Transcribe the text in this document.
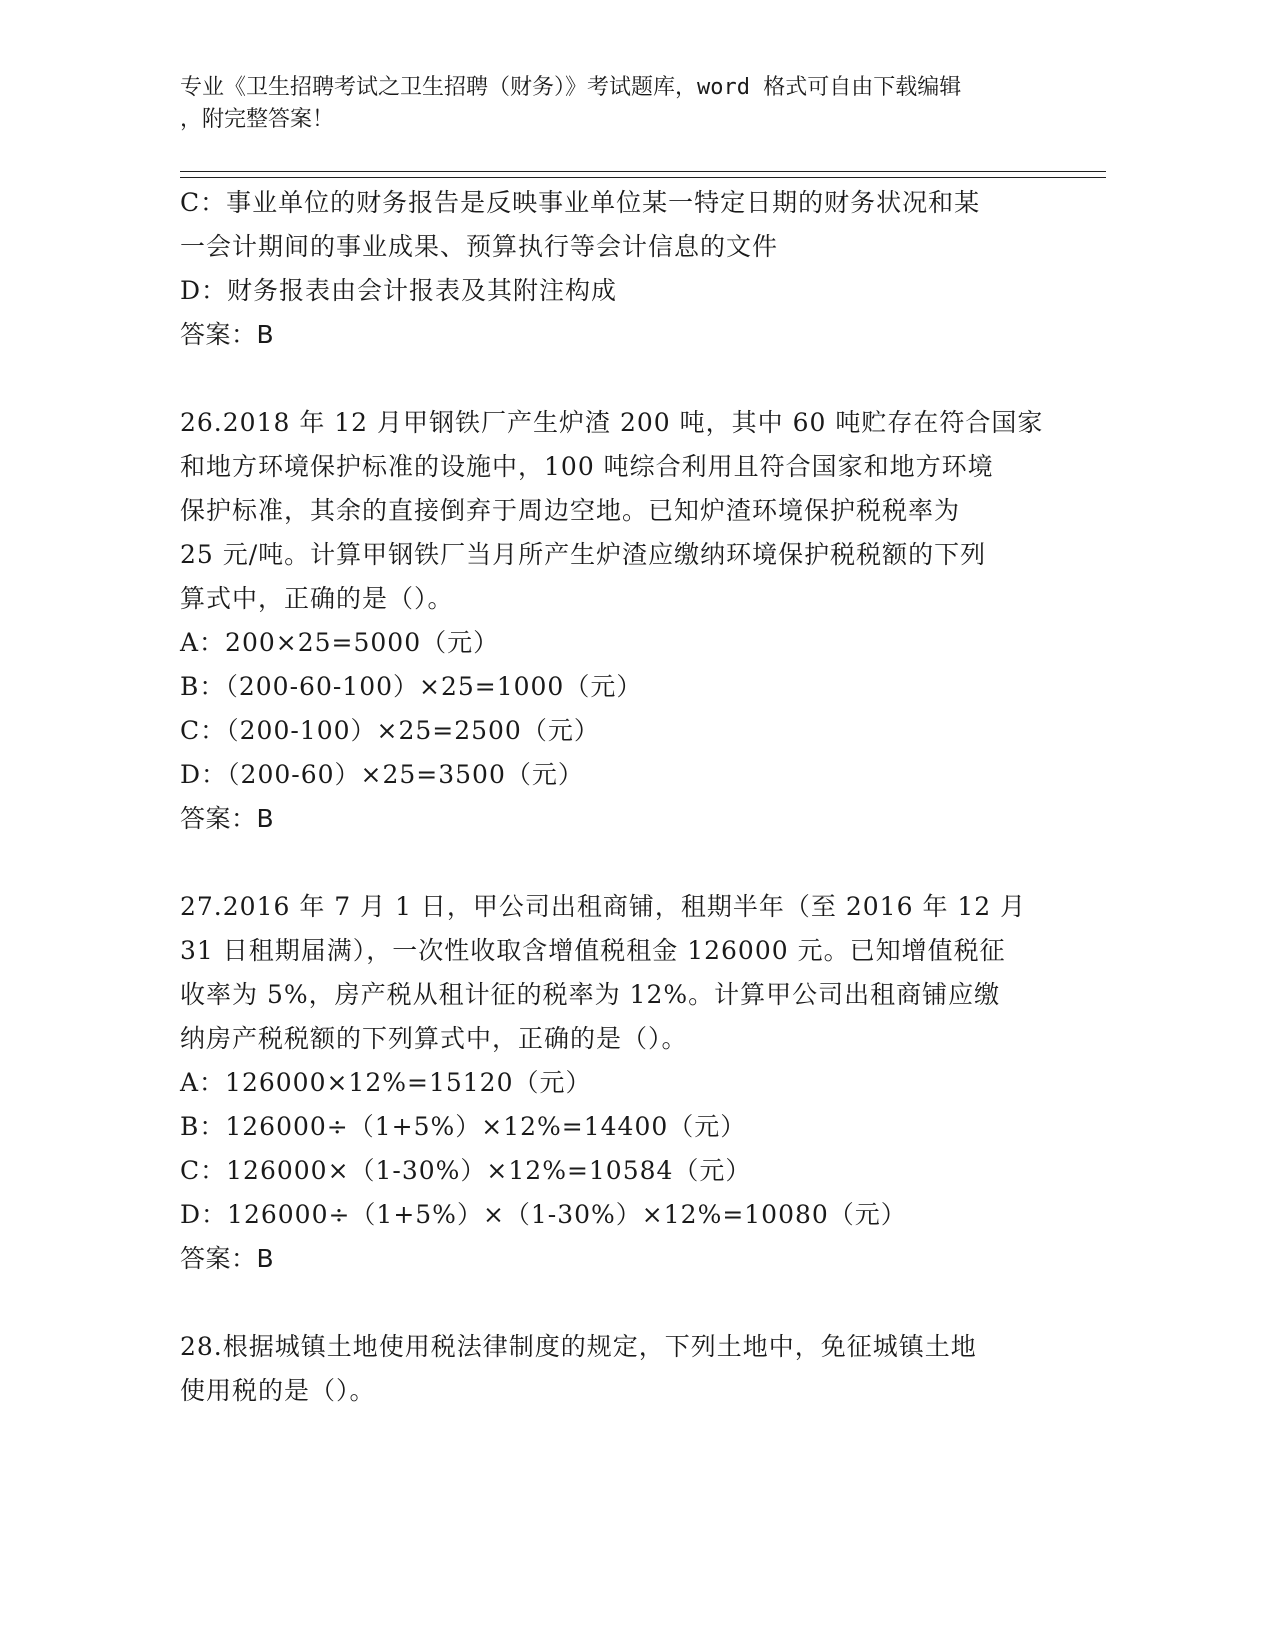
专业《卫生招聘考试之卫生招聘（财务）》考试题库，word 格式可自由下载编辑
，附完整答案！

C：事业单位的财务报告是反映事业单位某一特定日期的财务状况和某

一会计期间的事业成果、预算执行等会计信息的文件

D：财务报表由会计报表及其附注构成

答案：B

26.2018 年 12 月甲钢铁厂产生炉渣 200 吨，其中 60 吨贮存在符合国家

和地方环境保护标准的设施中，100 吨综合利用且符合国家和地方环境

保护标准，其余的直接倒弃于周边空地。已知炉渣环境保护税税率为

25 元/吨。计算甲钢铁厂当月所产生炉渣应缴纳环境保护税税额的下列

算式中，正确的是（）。

A：200×25=5000（元）

B：（200-60-100）×25=1000（元）

C：（200-100）×25=2500（元）

D：（200-60）×25=3500（元）

答案：B

27.2016 年 7 月 1 日，甲公司出租商铺，租期半年（至 2016 年 12 月

31 日租期届满），一次性收取含增值税租金 126000 元。已知增值税征

收率为 5%，房产税从租计征的税率为 12%。计算甲公司出租商铺应缴

纳房产税税额的下列算式中，正确的是（）。

A：126000×12%=15120（元）

B：126000÷（1+5%）×12%=14400（元）

C：126000×（1-30%）×12%=10584（元）

D：126000÷（1+5%）×（1-30%）×12%=10080（元）

答案：B

28.根据城镇土地使用税法律制度的规定，下列土地中，免征城镇土地

使用税的是（）。
